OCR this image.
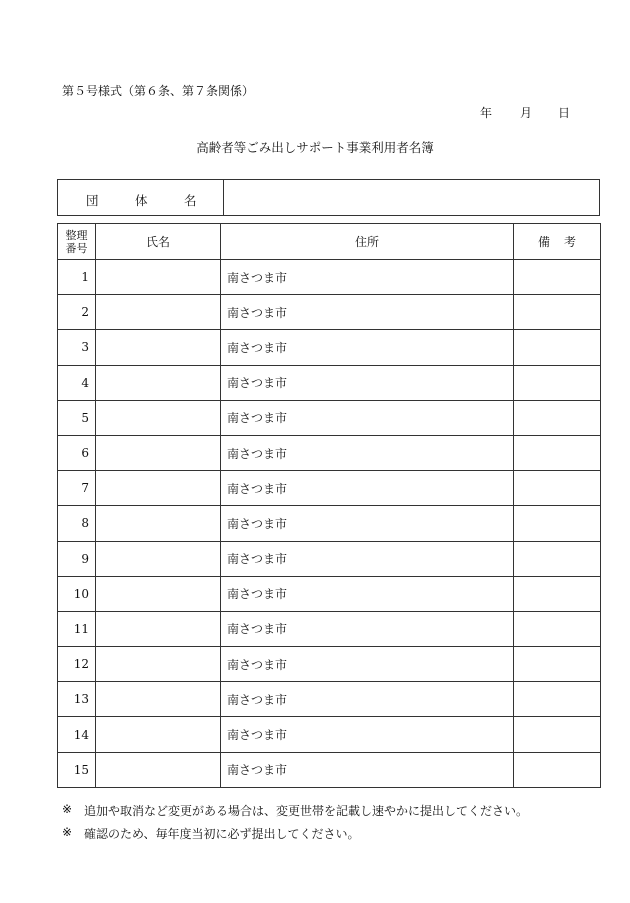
第５号様式（第６条、第７条関係）
年 月 日
高齢者等ごみ出しサポート事業利用者名簿
団	体	名
整理
番号	氏名	住所	備 考
1		南さつま市	
2		南さつま市	
3		南さつま市	
4		南さつま市	
5		南さつま市	
6		南さつま市	
7		南さつま市	
8		南さつま市	
9		南さつま市	
10		南さつま市	
11		南さつま市	
12		南さつま市	
13		南さつま市	
14		南さつま市	
15		南さつま市	
※ 追加や取消など変更がある場合は、変更世帯を記載し速やかに提出してください。
※ 確認のため、毎年度当初に必ず提出してください。
